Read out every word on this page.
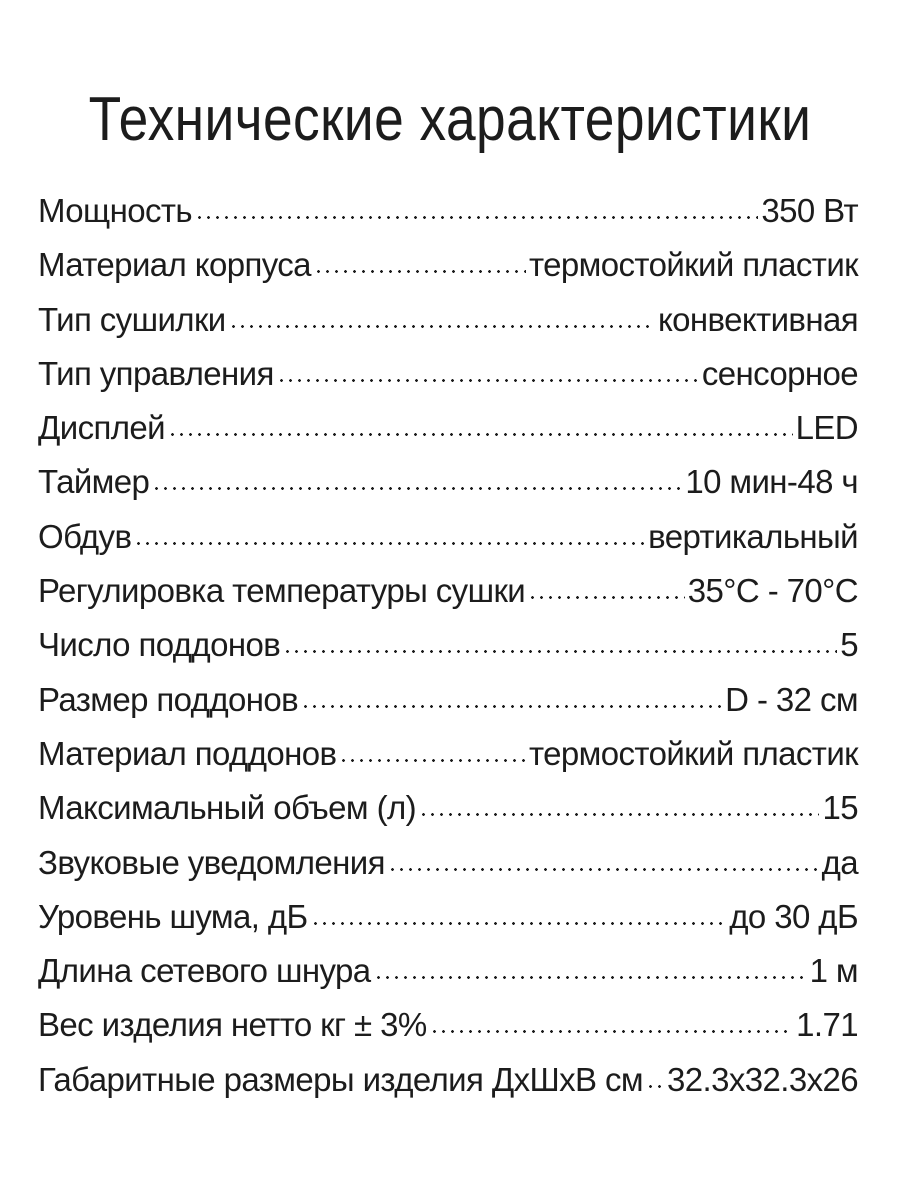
Технические характеристики
Мощность	350 Вт
Материал корпуса	термостойкий пластик
Тип сушилки	конвективная
Тип управления	сенсорное
Дисплей	LED
Таймер	10 мин-48 ч
Обдув	вертикальный
Регулировка температуры сушки	35°С - 70°С
Число поддонов	5
Размер поддонов	D - 32 см
Материал поддонов	термостойкий пластик
Максимальный объем (л)	15
Звуковые уведомления	да
Уровень шума, дБ	до 30 дБ
Длина сетевого шнура	1 м
Вес изделия нетто кг ± 3%	1.71
Габаритные размеры изделия ДхШхВ см 32.3х32.3х26
